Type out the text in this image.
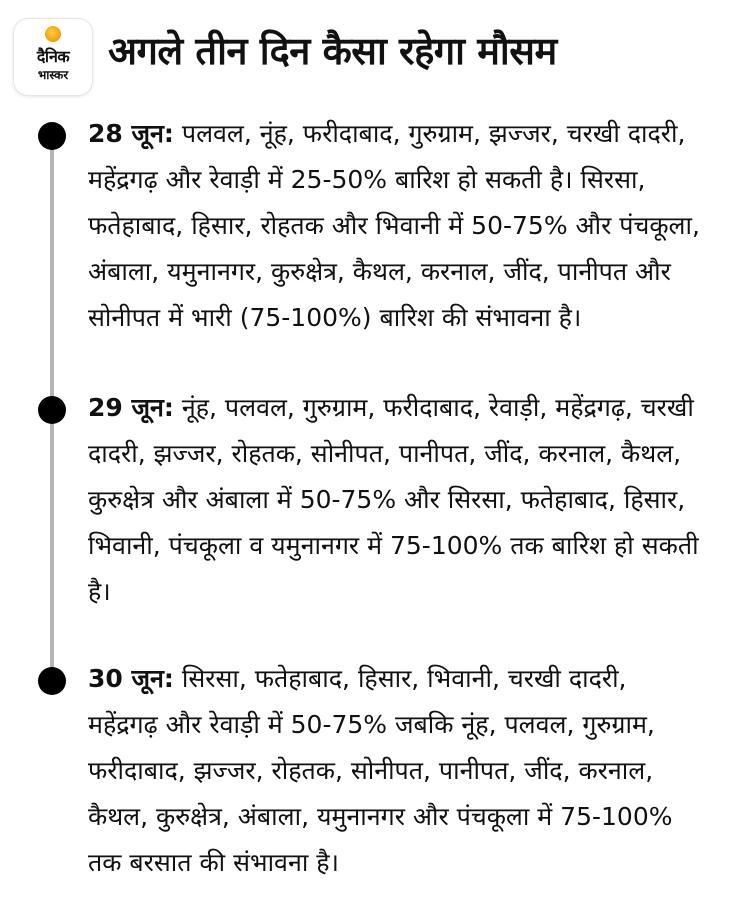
दैनिक
भास्कर
अगले तीन दिन कैसा रहेगा मौसम
28 जून: पलवल, नूंह, फरीदाबाद, गुरुग्राम, झज्जर, चरखी दादरी, महेंद्रगढ़ और रेवाड़ी में 25-50% बारिश हो सकती है। सिरसा, फतेहाबाद, हिसार, रोहतक और भिवानी में 50-75% और पंचकूला, अंबाला, यमुनानगर, कुरुक्षेत्र, कैथल, करनाल, जींद, पानीपत और सोनीपत में भारी (75-100%) बारिश की संभावना है।
29 जून: नूंह, पलवल, गुरुग्राम, फरीदाबाद, रेवाड़ी, महेंद्रगढ़, चरखी दादरी, झज्जर, रोहतक, सोनीपत, पानीपत, जींद, करनाल, कैथल, कुरुक्षेत्र और अंबाला में 50-75% और सिरसा, फतेहाबाद, हिसार, भिवानी, पंचकूला व यमुनानगर में 75-100% तक बारिश हो सकती है।
30 जून: सिरसा, फतेहाबाद, हिसार, भिवानी, चरखी दादरी, महेंद्रगढ़ और रेवाड़ी में 50-75% जबकि नूंह, पलवल, गुरुग्राम, फरीदाबाद, झज्जर, रोहतक, सोनीपत, पानीपत, जींद, करनाल, कैथल, कुरुक्षेत्र, अंबाला, यमुनानगर और पंचकूला में 75-100% तक बरसात की संभावना है।
